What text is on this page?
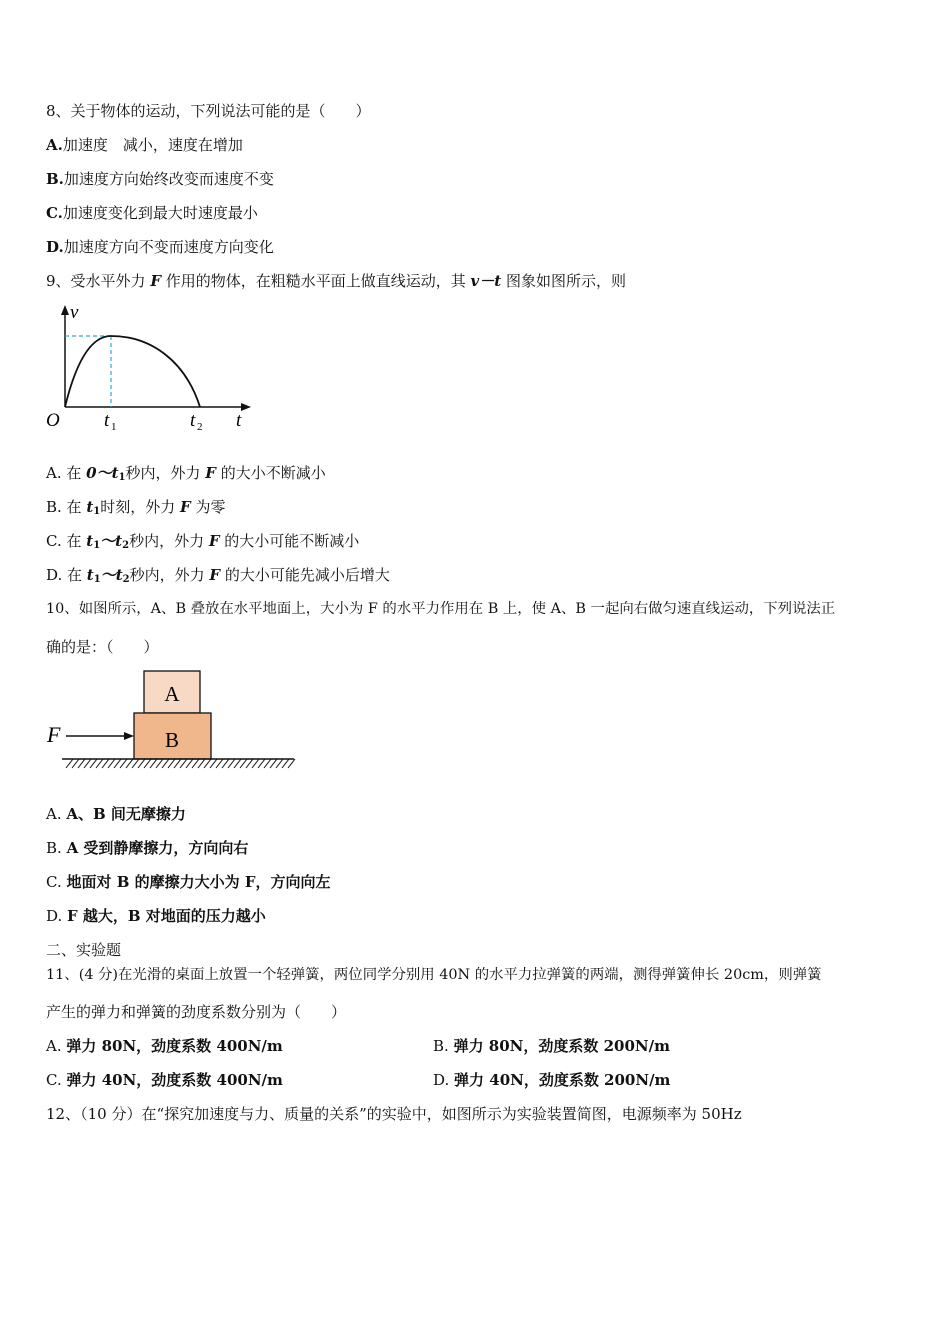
8、关于物体的运动，下列说法可能的是（　　）
A.加速度　减小，速度在增加
B.加速度方向始终改变而速度不变
C.加速度变化到最大时速度最小
D.加速度方向不变而速度方向变化
9、受水平外力 F 作用的物体，在粗糙水平面上做直线运动，其 v－t 图象如图所示，则
v
O t 1	t 2 t
A. 在 $0\sim t_1$秒内，外力 F 的大小不断减小
B. 在 $t_1$时刻，外力 F 为零
C. 在 $t_1\sim t_2$秒内，外力 F 的大小可能不断减小
D. 在 $t_1\sim t_2$秒内，外力 F 的大小可能先减小后增大
10、如图所示，A、B 叠放在水平地面上，大小为 F 的水平力作用在 B 上，使 A、B 一起向右做匀速直线运动，下列说法正
确的是：（　　）
A
B
F
A. A、B 间无摩擦力
B. A 受到静摩擦力，方向向右
C. 地面对 B 的摩擦力大小为 F，方向向左
D. F 越大，B 对地面的压力越小
二、实验题
11、(4 分)在光滑的桌面上放置一个轻弹簧，两位同学分别用 40N 的水平力拉弹簧的两端，测得弹簧伸长 20cm，则弹簧
产生的弹力和弹簧的劲度系数分别为（　　）
A. 弹力 80N，劲度系数 400N/m	B. 弹力 80N，劲度系数 200N/m
C. 弹力 40N，劲度系数 400N/m	D. 弹力 40N，劲度系数 200N/m
12、（10 分）在“探究加速度与力、质量的关系”的实验中，如图所示为实验装置简图，电源频率为 50Hz
